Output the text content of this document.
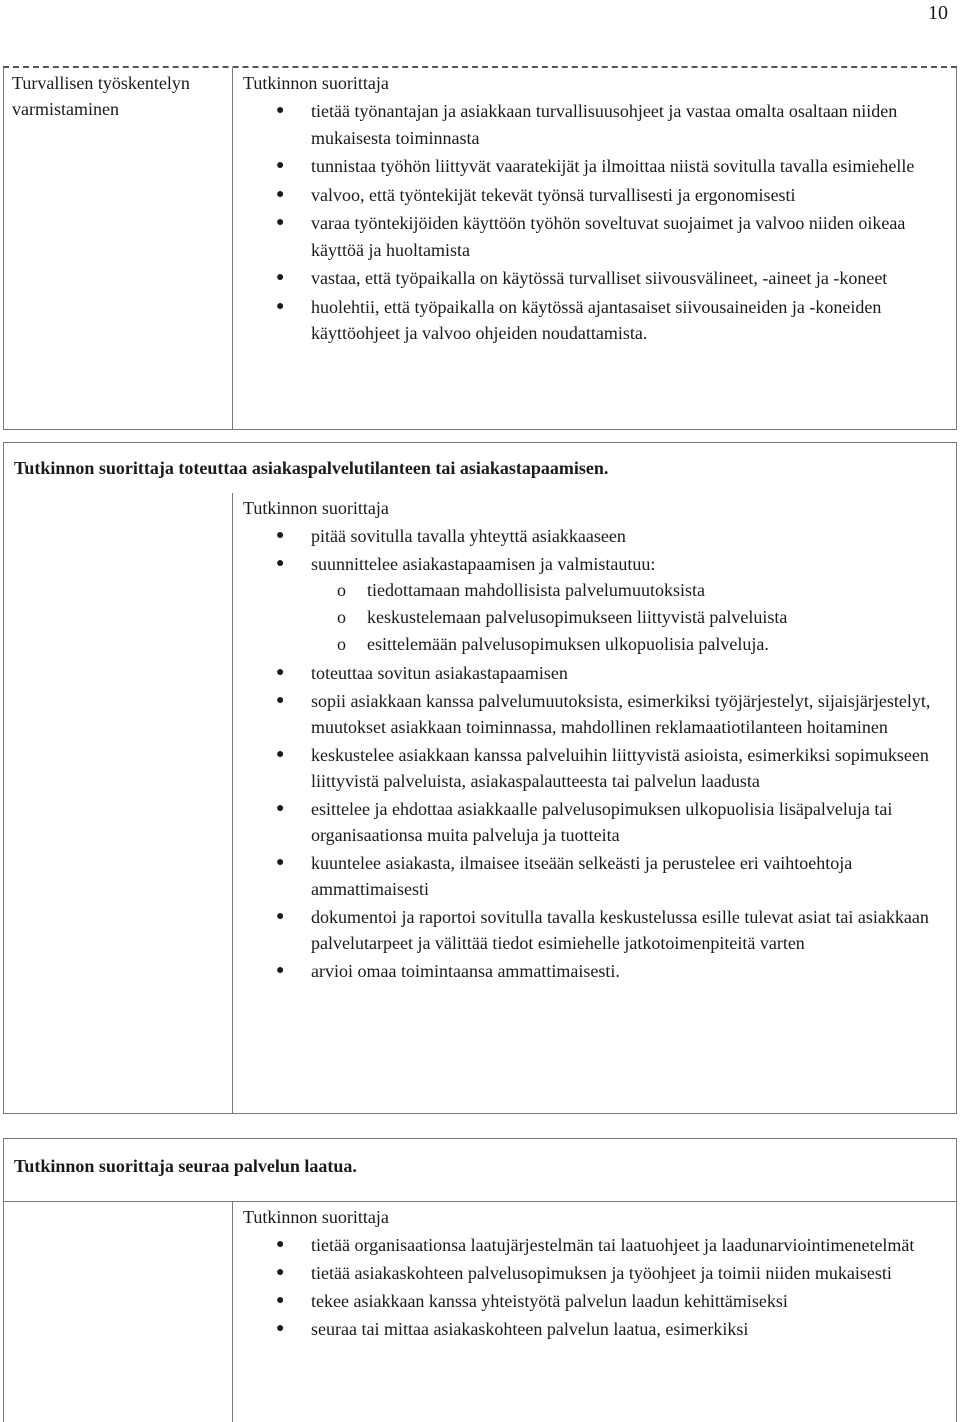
10
Turvallisen työskentelyn varmistaminen
Tutkinnon suorittaja
● tietää työnantajan ja asiakkaan turvallisuusohjeet ja vastaa omalta osaltaan niiden mukaisesta toiminnasta
● tunnistaa työhön liittyvät vaaratekijät ja ilmoittaa niistä sovitulla tavalla esimiehelle
● valvoo, että työntekijät tekevät työnsä turvallisesti ja ergonomisesti
● varaa työntekijöiden käyttöön työhön soveltuvat suojaimet ja valvoo niiden oikeaa käyttöä ja huoltamista
● vastaa, että työpaikalla on käytössä turvalliset siivousvälineet, -aineet ja -koneet
● huolehtii, että työpaikalla on käytössä ajantasaiset siivousaineiden ja -koneiden käyttöohjeet ja valvoo ohjeiden noudattamista.
Tutkinnon suorittaja toteuttaa asiakaspalvelutilanteen tai asiakastapaamisen.
Tutkinnon suorittaja
● pitää sovitulla tavalla yhteyttä asiakkaaseen
● suunnittelee asiakastapaamisen ja valmistautuu:
o tiedottamaan mahdollisista palvelumuutoksista
o keskustelemaan palvelusopimukseen liittyvistä palveluista
o esittelemään palvelusopimuksen ulkopuolisia palveluja.
● toteuttaa sovitun asiakastapaamisen
● sopii asiakkaan kanssa palvelumuutoksista, esimerkiksi työjärjestelyt, sijaisjärjestelyt, muutokset asiakkaan toiminnassa, mahdollinen reklamaatiotilanteen hoitaminen
● keskustelee asiakkaan kanssa palveluihin liittyvistä asioista, esimerkiksi sopimukseen liittyvistä palveluista, asiakaspalautteesta tai palvelun laadusta
● esittelee ja ehdottaa asiakkaalle palvelusopimuksen ulkopuolisia lisäpalveluja tai organisaationsa muita palveluja ja tuotteita
● kuuntelee asiakasta, ilmaisee itseään selkeästi ja perustelee eri vaihtoehtoja ammattimaisesti
● dokumentoi ja raportoi sovitulla tavalla keskustelussa esille tulevat asiat tai asiakkaan palvelutarpeet ja välittää tiedot esimiehelle jatkotoimenpiteitä varten
● arvioi omaa toimintaansa ammattimaisesti.
Tutkinnon suorittaja seuraa palvelun laatua.
Tutkinnon suorittaja
● tietää organisaationsa laatujärjestelmän tai laatuohjeet ja laadunarviointimenetelmät
● tietää asiakaskohteen palvelusopimuksen ja työohjeet ja toimii niiden mukaisesti
● tekee asiakkaan kanssa yhteistyötä palvelun laadun kehittämiseksi
● seuraa tai mittaa asiakaskohteen palvelun laatua, esimerkiksi
